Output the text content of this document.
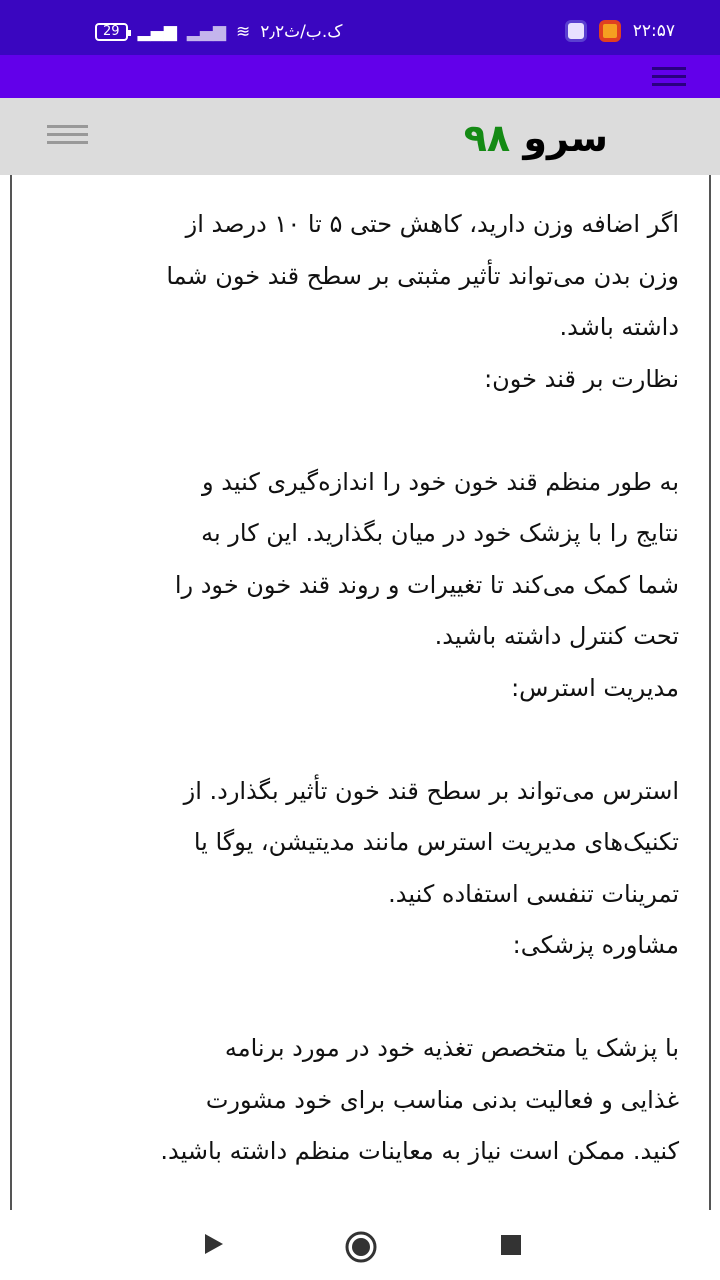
29	▂▄▆ ▂▄▆ ≋ ۲٫۲ک.ب/ث	۲۲:۵۷
سرو ۹۸
اگر اضافه وزن دارید، کاهش حتی ۵ تا ۱۰ درصد از
وزن بدن می‌تواند تأثیر مثبتی بر سطح قند خون شما
داشته باشد.
نظارت بر قند خون:
به طور منظم قند خون خود را اندازه‌گیری کنید و
نتایج را با پزشک خود در میان بگذارید. این کار به
شما کمک می‌کند تا تغییرات و روند قند خون خود را
تحت کنترل داشته باشید.
مدیریت استرس:
استرس می‌تواند بر سطح قند خون تأثیر بگذارد. از
تکنیک‌های مدیریت استرس مانند مدیتیشن، یوگا یا
تمرینات تنفسی استفاده کنید.
مشاوره پزشکی:
با پزشک یا متخصص تغذیه خود در مورد برنامه
غذایی و فعالیت بدنی مناسب برای خود مشورت
کنید. ممکن است نیاز به معاینات منظم داشته باشید.
